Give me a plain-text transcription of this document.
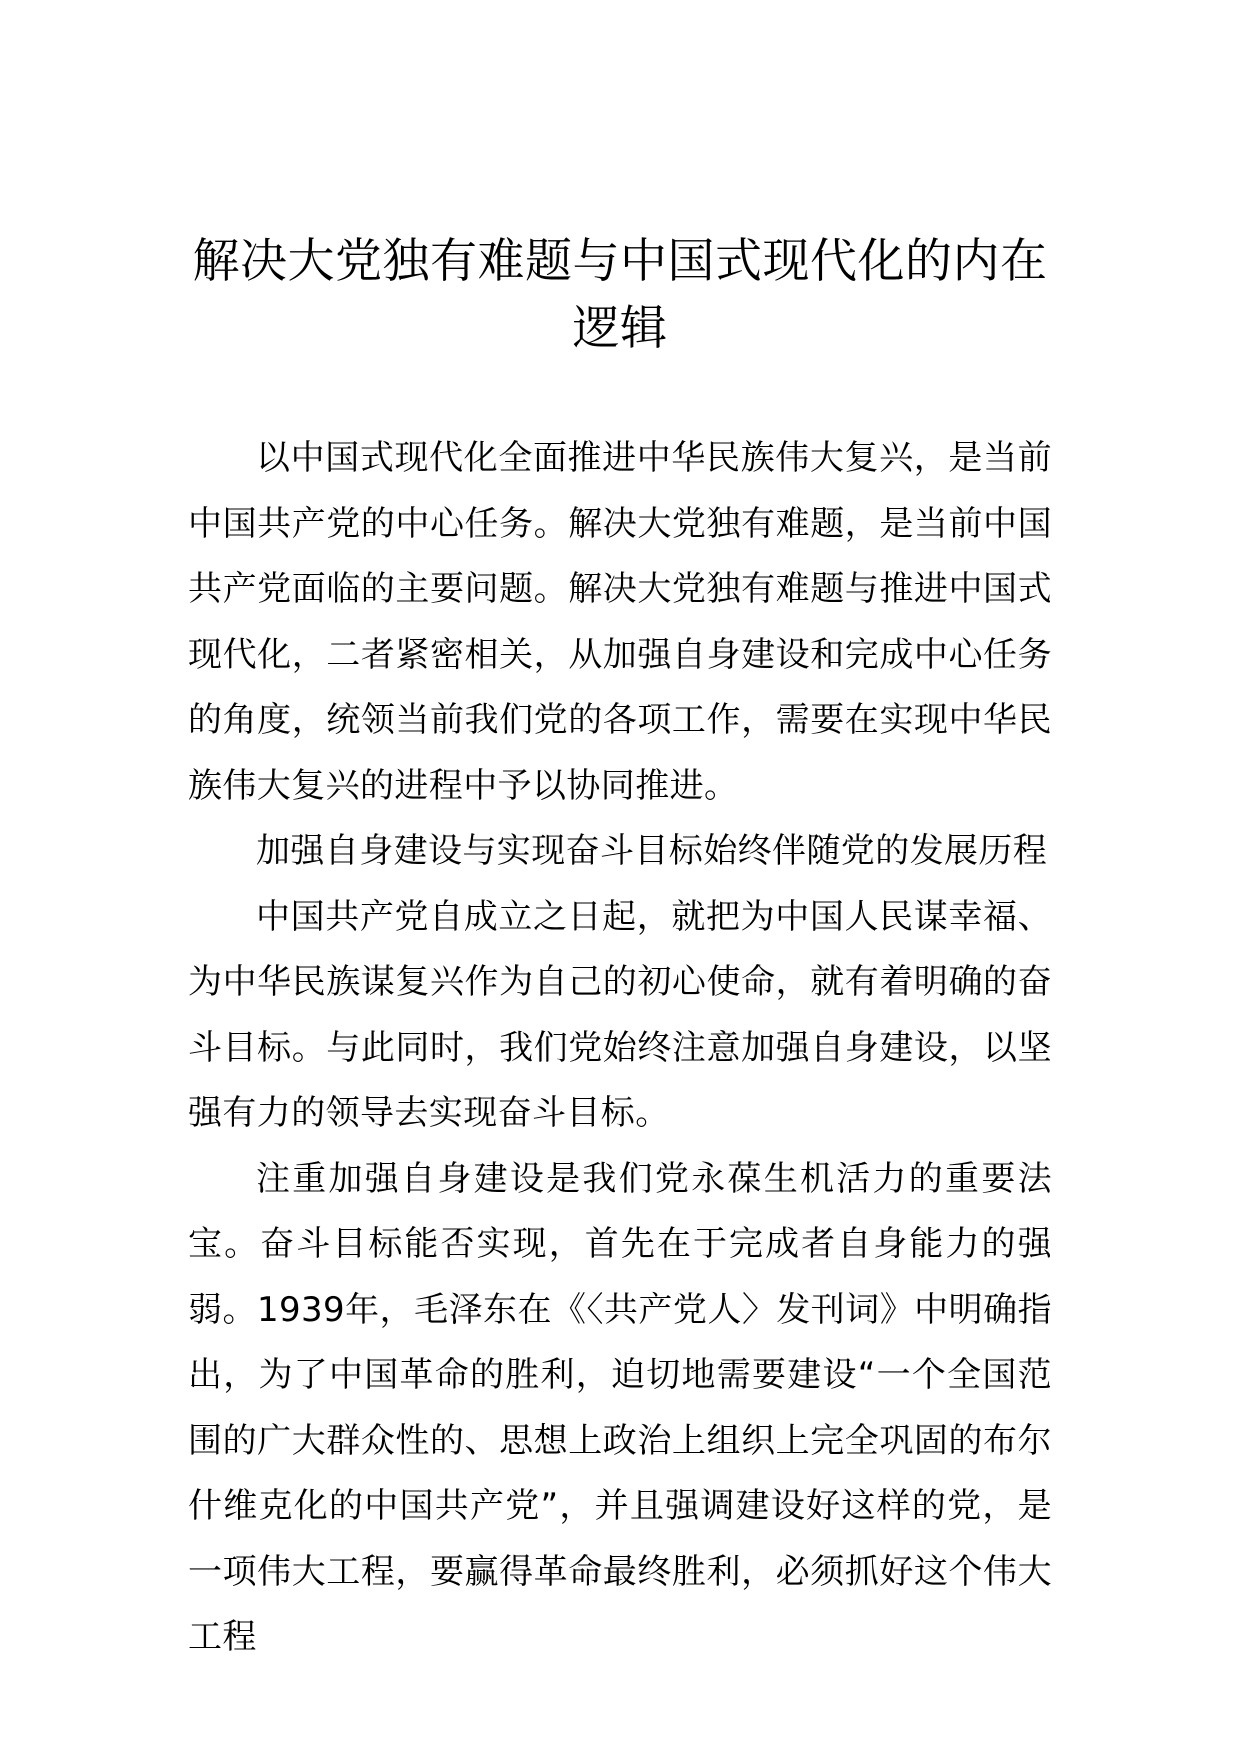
解决大党独有难题与中国式现代化的内在逻辑

以中国式现代化全面推进中华民族伟大复兴，是当前中国共产党的中心任务。解决大党独有难题，是当前中国共产党面临的主要问题。解决大党独有难题与推进中国式现代化，二者紧密相关，从加强自身建设和完成中心任务的角度，统领当前我们党的各项工作，需要在实现中华民族伟大复兴的进程中予以协同推进。

加强自身建设与实现奋斗目标始终伴随党的发展历程

中国共产党自成立之日起，就把为中国人民谋幸福、为中华民族谋复兴作为自己的初心使命，就有着明确的奋斗目标。与此同时，我们党始终注意加强自身建设，以坚强有力的领导去实现奋斗目标。

注重加强自身建设是我们党永葆生机活力的重要法宝。奋斗目标能否实现，首先在于完成者自身能力的强弱。1939年，毛泽东在《〈共产党人〉发刊词》中明确指出，为了中国革命的胜利，迫切地需要建设“一个全国范围的广大群众性的、思想上政治上组织上完全巩固的布尔什维克化的中国共产党”，并且强调建设好这样的党，是一项伟大工程，要赢得革命最终胜利，必须抓好这个伟大工程
